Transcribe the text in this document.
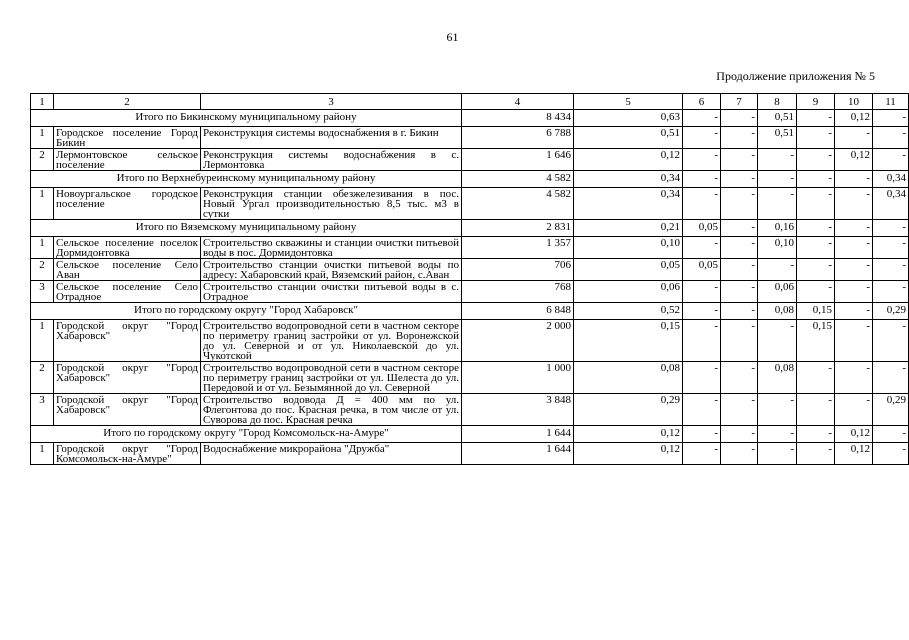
61
Продолжение приложения № 5
1	2	3	4	5	6	7	8	9	10	11
Итого по Бикинскому муниципальному району			8 434	0,63	-	-	0,51	-	0,12	-
1	Городское поселение Город Бикин	Реконструкция системы водоснабжения в г. Бикин	6 788	0,51	-	-	0,51	-	-	-
2	Лермонтовское сельское поселение	Реконструкция системы водоснабжения в с. Лермонтовка	1 646	0,12	-	-	-	-	0,12	-
Итого по Верхнебуреинскому муниципальному району			4 582	0,34	-	-	-	-	-	0,34
1	Новоургальское городское поселение	Реконструкция станции обезжелезивания в пос. Новый Ургал производительностью 8,5 тыс. м3 в сутки	4 582	0,34	-	-	-	-	-	0,34
Итого по Вяземскому муниципальному району			2 831	0,21	0,05	-	0,16	-	-	-
1	Сельское поселение поселок Дормидонтовка	Строительство скважины и станции очистки питьевой воды в пос. Дормидонтовка	1 357	0,10	-	-	0,10	-	-	-
2	Сельское поселение Село Аван	Строительство станции очистки питьевой воды по адресу: Хабаровский край, Вяземский район, с.Аван	706	0,05	0,05	-	-	-	-	-
3	Сельское поселение Село Отрадное	Строительство станции очистки питьевой воды в с. Отрадное	768	0,06	-	-	0,06	-	-	-
Итого по городскому округу "Город Хабаровск"			6 848	0,52	-	-	0,08	0,15	-	0,29
1	Городской округ "Город Хабаровск"	Строительство водопроводной сети в частном секторе по периметру границ застройки от ул. Воронежской до ул. Северной и от ул. Николаевской до ул. Чукотской	2 000	0,15	-	-	-	0,15	-	-
2	Городской округ "Город Хабаровск"	Строительство водопроводной сети в частном секторе по периметру границ застройки от ул. Шелеста до ул. Передовой и от ул. Безымянной до ул. Северной	1 000	0,08	-	-	0,08	-	-	-
3	Городской округ "Город Хабаровск"	Строительство водовода Д = 400 мм по ул. Флегонтова до пос. Красная речка, в том числе от ул. Суворова до пос. Красная речка	3 848	0,29	-	-	-	-	-	0,29
Итого по городскому округу "Город Комсомольск-на-Амуре"			1 644	0,12	-	-	-	-	0,12	-
1	Городской округ "Город Комсомольск-на-Амуре"	Водоснабжение микрорайона "Дружба"	1 644	0,12	-	-	-	-	0,12	-
